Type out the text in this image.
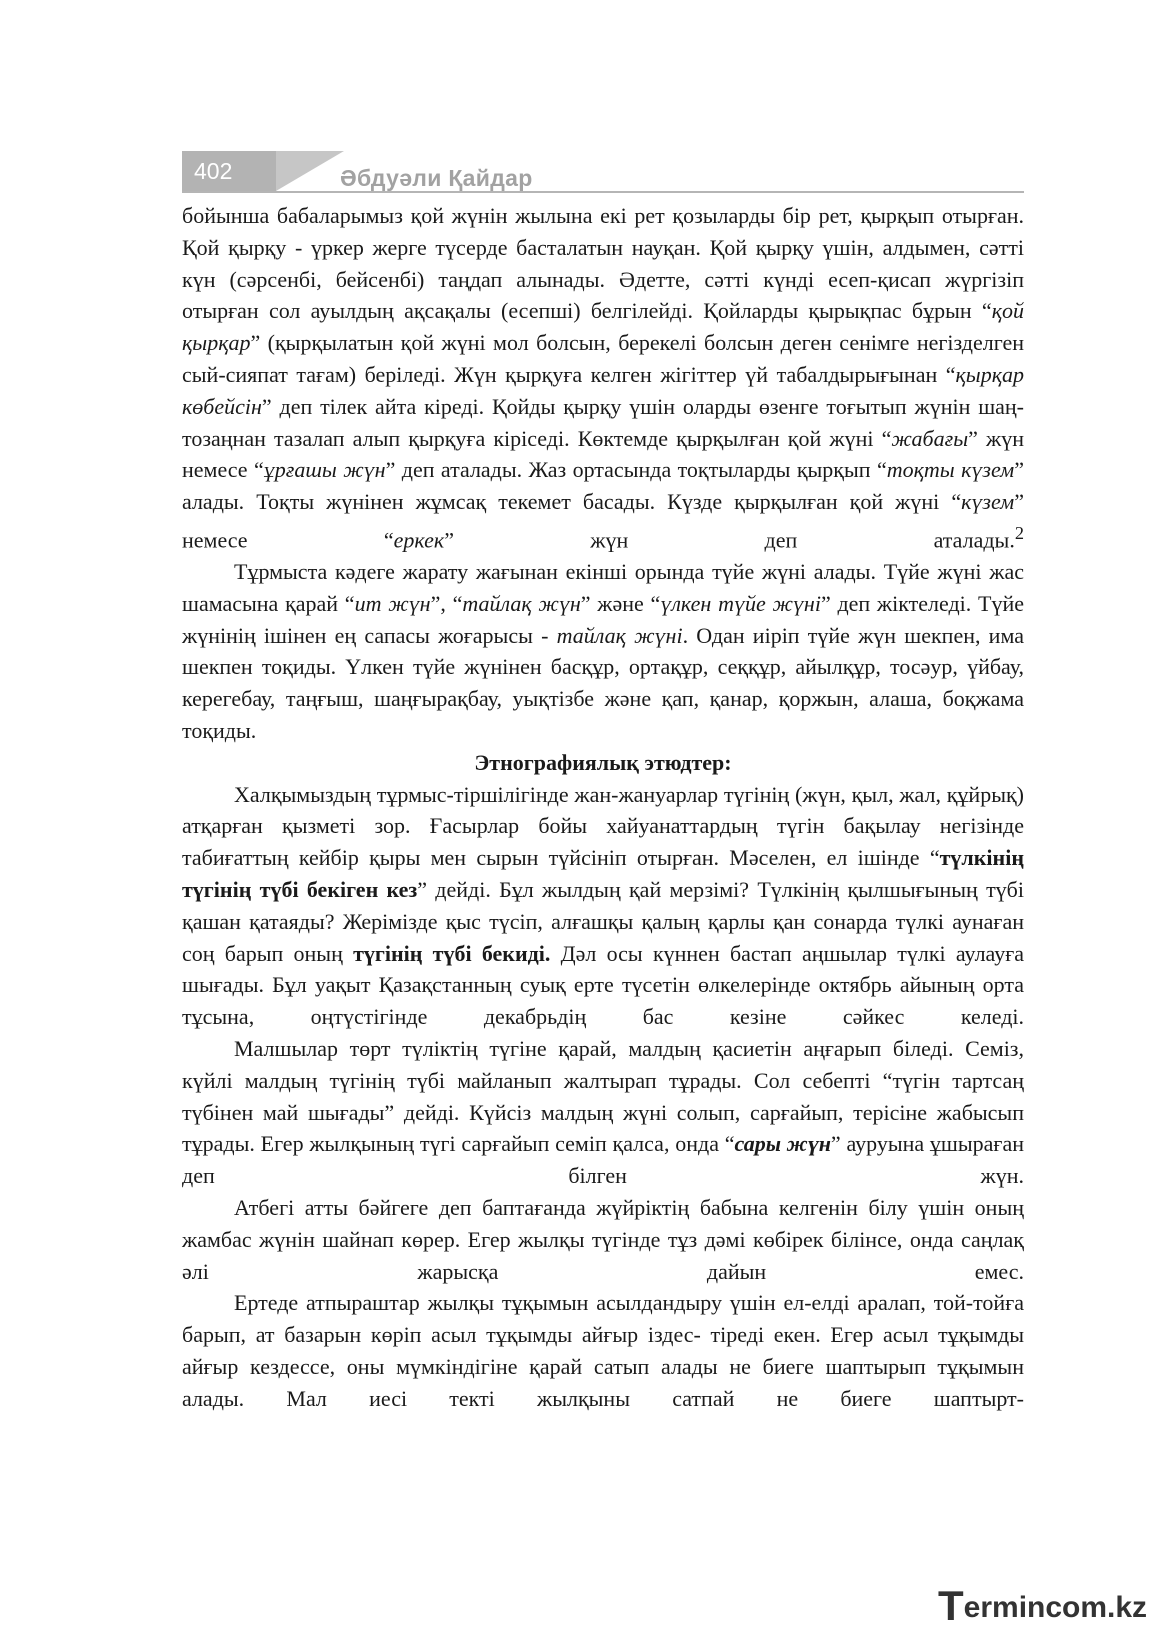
402	Әбдуәли Қайдар

бойынша бабаларымыз қой жүнін жылына екі рет қозыларды бір рет, қырқып отырған. Қой қырқу - үркер жерге түсерде басталатын науқан. Қой қырқу үшін, алдымен, сәтті күн (сәрсенбі, бейсенбі) таңдап алынады. Әдетте, сәтті күнді есеп-қисап жүргізіп отырған сол ауылдың ақсақалы (есепші) белгілейді. Қойларды қырықпас бұрын “қой қырқар” (қырқылатын қой жүні мол болсын, берекелі болсын деген сенімге негізделген сый-сияпат тағам) беріледі. Жүн қырқуға келген жігіттер үй табалдырығынан “қырқар көбейсін” деп тілек айта кіреді. Қойды қырқу үшін оларды өзенге тоғытып жүнін шаң-тозаңнан тазалап алып қырқуға кіріседі. Көктемде қырқылған қой жүні “жабағы” жүн немесе “ұрғашы жүн” деп аталады. Жаз ортасында тоқтыларды қырқып “тоқты күзем” алады. Тоқты жүнінен жұмсақ текемет басады. Күзде қырқылған қой жүні “күзем” немесе “еркек” жүн деп аталады.$^2$

Тұрмыста кәдеге жарату жағынан екінші орында түйе жүні алады. Түйе жүні жас шамасына қарай “ит жүн”, “тайлақ жүн” және “үлкен түйе жүні” деп жіктеледі. Түйе жүнінің ішінен ең сапасы жоғарысы - тайлақ жүні. Одан иіріп түйе жүн шекпен, има шекпен тоқиды. Үлкен түйе жүнінен басқұр, ортақұр, сеққұр, айылқұр, тосәур, үйбау, керегебау, таңғыш, шаңғырақбау, уықтізбе және қап, қанар, қоржын, алаша, боқжама тоқиды.

Этнографиялық этюдтер:

Халқымыздың тұрмыс-тіршілігінде жан-жануарлар түгінің (жүн, қыл, жал, құйрық) атқарған қызметі зор. Ғасырлар бойы хайуанаттардың түгін бақылау негізінде табиғаттың кейбір қыры мен сырын түйсініп отырған. Мәселен, ел ішінде “түлкінің түгінің түбі бекіген кез” дейді. Бұл жылдың қай мерзімі? Түлкінің қылшығының түбі қашан қатаяды? Жерімізде қыс түсіп, алғашқы қалың қарлы қан сонарда түлкі аунаған соң барып оның түгінің түбі бекиді. Дәл осы күннен бастап аңшылар түлкі аулауға шығады. Бұл уақыт Қазақстанның суық ерте түсетін өлкелерінде октябрь айының орта тұсына, оңтүстігінде декабрьдің бас кезіне сәйкес келеді.

Малшылар төрт түліктің түгіне қарай, малдың қасиетін аңғарып біледі. Семіз, күйлі малдың түгінің түбі майланып жалтырап тұрады. Сол себепті “түгін тартсаң түбінен май шығады” дейді. Күйсіз малдың жүні солып, сарғайып, терісіне жабысып тұрады. Егер жылқының түгі сарғайып семіп қалса, онда “сары жүн” ауруына ұшыраған деп білген жүн.

Атбегі атты бәйгеге деп баптағанда жүйріктің бабына келгенін білу үшін оның жамбас жүнін шайнап көрер. Егер жылқы түгінде тұз дәмі көбірек білінсе, онда саңлақ әлі жарысқа дайын емес.

Ертеде атпыраштар жылқы тұқымын асылдандыру үшін ел-елді аралап, той-тойға барып, ат базарын көріп асыл тұқымды айғыр іздес- тіреді екен. Егер асыл тұқымды айғыр кездессе, оны мүмкіндігіне қарай сатып алады не биеге шаптырып тұқымын алады. Мал иесі текті жылқыны сатпай не биеге шаптырт-

Termincom.kz
